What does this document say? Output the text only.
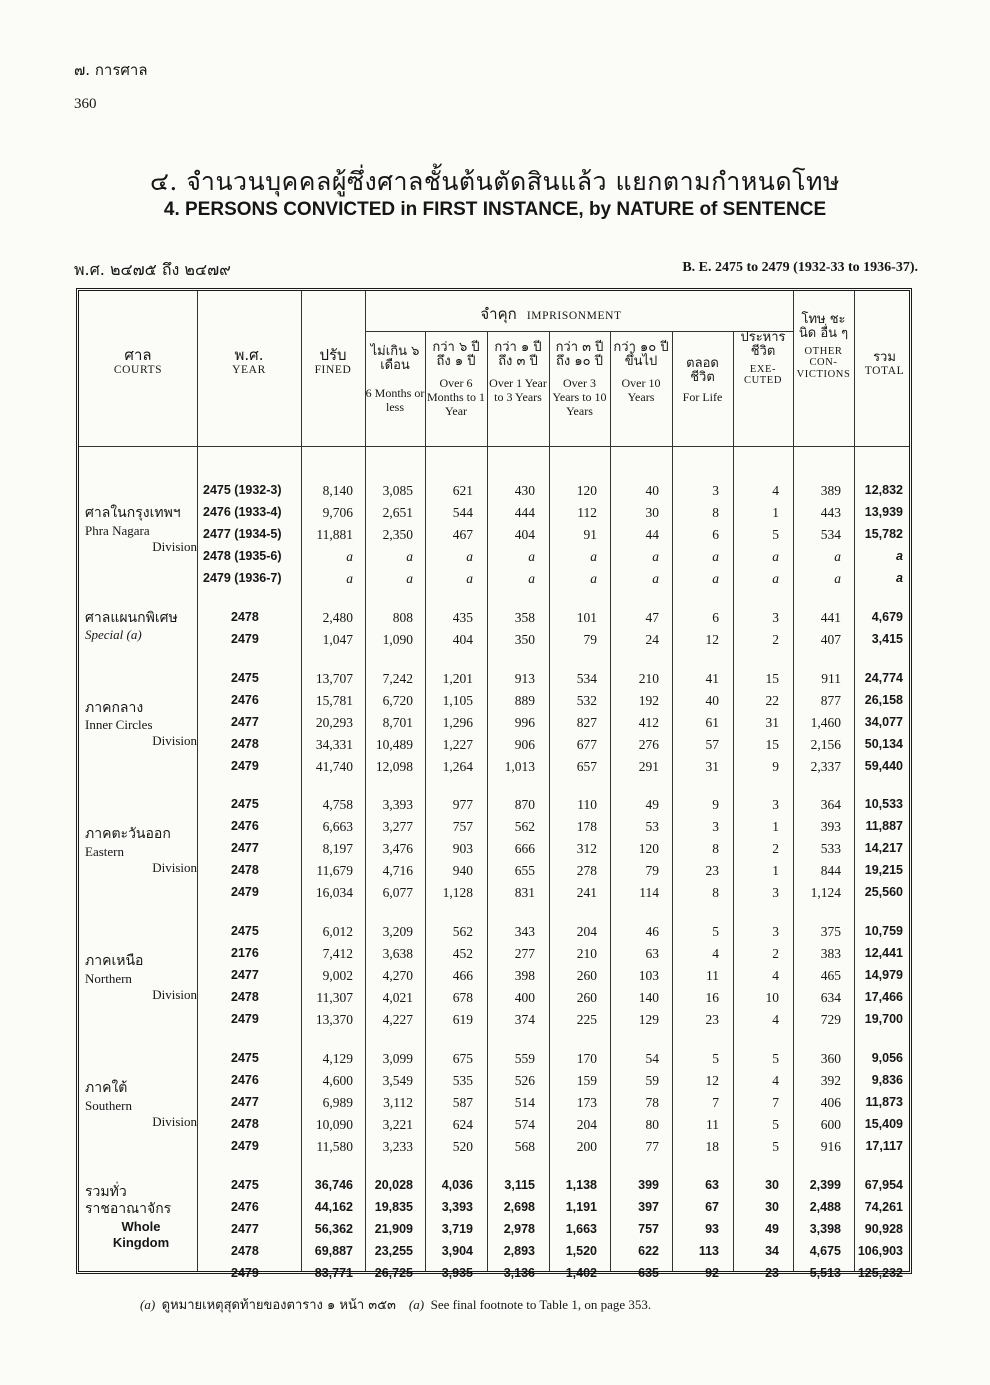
๗. การศาล
360
๔. จำนวนบุคคลผู้ซึ่งศาลชั้นต้นตัดสินแล้ว แยกตามกำหนดโทษ
4. PERSONS CONVICTED in FIRST INSTANCE, by NATURE of SENTENCE
พ.ศ. ๒๔๗๕ ถึง ๒๔๗๙	B. E. 2475 to 2479 (1932-33 to 1936-37).
ศาล
COURTS
พ.ศ.
YEAR
ปรับ
FINED
จำคุก IMPRISONMENT
ไม่เกิน ๖ เดือน
6 Months or less
กว่า ๖ ปี ถึง ๑ ปี
Over 6 Months to 1 Year
กว่า ๑ ปี ถึง ๓ ปี
Over 1 Year to 3 Years
กว่า ๓ ปี ถึง ๑๐ ปี
Over 3 Years to 10 Years
กว่า ๑๐ ปี ขึ้นไป
Over 10 Years
ตลอด ชีวิต
For Life
ประหาร ชีวิต
EXE- CUTED
โทษ ชะนิด อื่น ๆ
OTHER CON- VICTIONS
รวม
TOTAL
ศาลในกรุงเทพฯ
Phra Nagara
Division
2475 (1932-3)	8,140 3,085	621	430	120	40	3	4	389 12,832
2476 (1933-4)	9,706 2,651	544	444	112	30	8	1	443 13,939
2477 (1934-5)	11,881 2,350	467	404	91	44	6	5	534 15,782
2478 (1935-6)	a	a	a	a	a	a	a	a	a	a
2479 (1936-7)	a	a	a	a	a	a	a	a	a	a
ศาลแผนกพิเศษ
Special (a)
2478	2,480	808	435	358	101	47	6	3	441 4,679
2479	1,047 1,090	404	350	79	24	12	2	407 3,415
ภาคกลาง
Inner Circles
Division
2475	13,707 7,242 1,201	913	534	210	41	15	911 24,774
2476	15,781 6,720 1,105	889	532	192	40	22	877 26,158
2477	20,293 8,701 1,296	996	827	412	61	31 1,460 34,077
2478	34,331 10,489 1,227	906	677	276	57	15 2,156 50,134
2479	41,740 12,098 1,264 1,013	657	291	31	9 2,337 59,440
ภาคตะวันออก
Eastern
Division
2475	4,758 3,393	977	870	110	49	9	3	364 10,533
2476	6,663 3,277	757	562	178	53	3	1	393 11,887
2477	8,197 3,476	903	666	312	120	8	2	533 14,217
2478	11,679 4,716	940	655	278	79	23	1	844 19,215
2479	16,034 6,077 1,128	831	241	114	8	3 1,124 25,560
ภาคเหนือ
Northern
Division
2475	6,012 3,209	562	343	204	46	5	3	375 10,759
2176	7,412 3,638	452	277	210	63	4	2	383 12,441
2477	9,002 4,270	466	398	260	103	11	4	465 14,979
2478	11,307 4,021	678	400	260	140	16	10	634 17,466
2479	13,370 4,227	619	374	225	129	23	4	729 19,700
ภาคใต้
Southern
Division
2475	4,129 3,099	675	559	170	54	5	5	360 9,056
2476	4,600 3,549	535	526	159	59	12	4	392 9,836
2477	6,989 3,112	587	514	173	78	7	7	406 11,873
2478	10,090 3,221	624	574	204	80	11	5	600 15,409
2479	11,580 3,233	520	568	200	77	18	5	916 17,117
รวมทั่ว
ราชอาณาจักร
Whole
Kingdom
2475	36,746 20,028 4,036	3,115 1,138	399	63	30 2,399 67,954
2476	44,162 19,835 3,393 2,698 1,191	397	67	30 2,488 74,261
2477	56,362 21,909 3,719 2,978 1,663	757	93	49 3,398 90,928
2478	69,887 23,255 3,904 2,893 1,520	622	113	34 4,675 106,903
2479	83,771 26,725 3,935 3,136 1,402	635	92	23 5,513 125,232
(a) ดูหมายเหตุสุดท้ายของตาราง ๑ หน้า ๓๕๓ (a) See final footnote to Table 1, on page 353.
